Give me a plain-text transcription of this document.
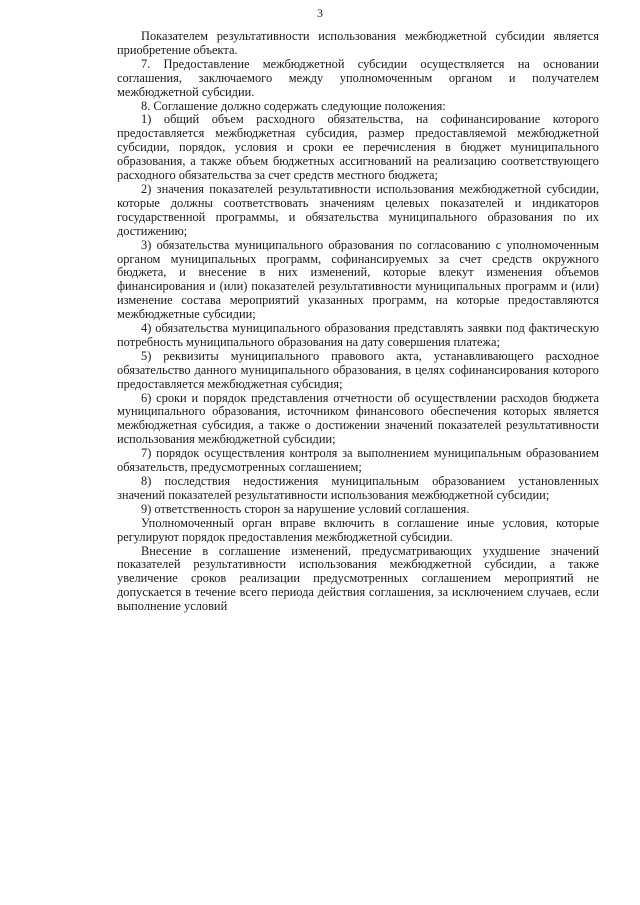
3

Показателем результативности использования межбюджетной субсидии является приобретение объекта.

7. Предоставление межбюджетной субсидии осуществляется на основании соглашения, заключаемого между уполномоченным органом и получателем межбюджетной субсидии.

8. Соглашение должно содержать следующие положения:

1) общий объем расходного обязательства, на софинансирование которого предоставляется межбюджетная субсидия, размер предоставляемой межбюджетной субсидии, порядок, условия и сроки ее перечисления в бюджет муниципального образования, а также объем бюджетных ассигнований на реализацию соответствующего расходного обязательства за счет средств местного бюджета;

2) значения показателей результативности использования межбюджетной субсидии, которые должны соответствовать значениям целевых показателей и индикаторов государственной программы, и обязательства муниципального образования по их достижению;

3) обязательства муниципального образования по согласованию с уполномоченным органом муниципальных программ, софинансируемых за счет средств окружного бюджета, и внесение в них изменений, которые влекут изменения объемов финансирования и (или) показателей результативности муниципальных программ и (или) изменение состава мероприятий указанных программ, на которые предоставляются межбюджетные субсидии;

4) обязательства муниципального образования представлять заявки под фактическую потребность муниципального образования на дату совершения платежа;

5) реквизиты муниципального правового акта, устанавливающего расходное обязательство данного муниципального образования, в целях софинансирования которого предоставляется межбюджетная субсидия;

6) сроки и порядок представления отчетности об осуществлении расходов бюджета муниципального образования, источником финансового обеспечения которых является межбюджетная субсидия, а также о достижении значений показателей результативности использования межбюджетной субсидии;

7) порядок осуществления контроля за выполнением муниципальным образованием обязательств, предусмотренных соглашением;

8) последствия недостижения муниципальным образованием установленных значений показателей результативности использования межбюджетной субсидии;

9) ответственность сторон за нарушение условий соглашения.

Уполномоченный орган вправе включить в соглашение иные условия, которые регулируют порядок предоставления межбюджетной субсидии.

Внесение в соглашение изменений, предусматривающих ухудшение значений показателей результативности использования межбюджетной субсидии, а также увеличение сроков реализации предусмотренных соглашением мероприятий не допускается в течение всего периода действия соглашения, за исключением случаев, если выполнение условий
